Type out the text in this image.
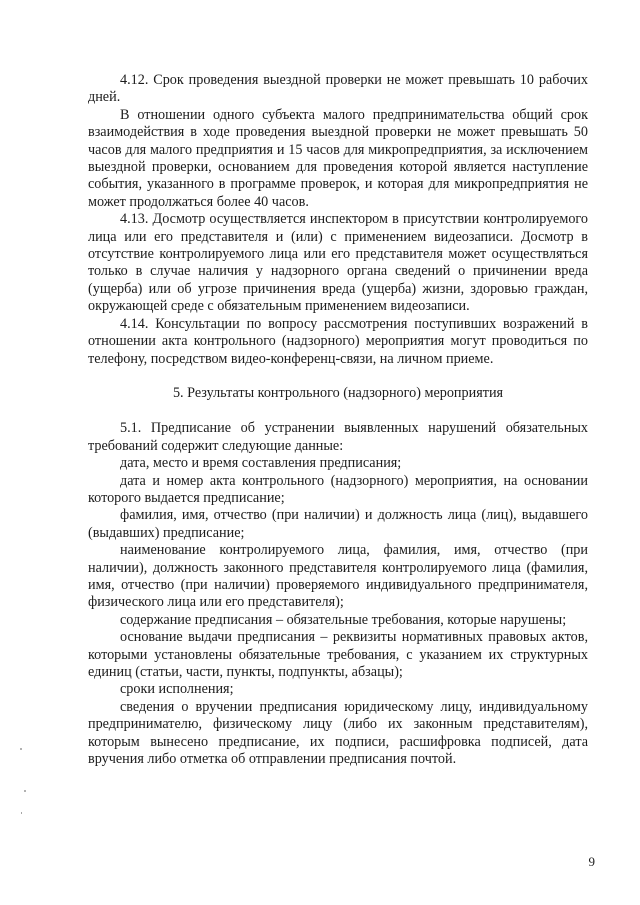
4.12. Срок проведения выездной проверки не может превышать 10 рабочих дней.

В отношении одного субъекта малого предпринимательства общий срок взаимодействия в ходе проведения выездной проверки не может превышать 50 часов для малого предприятия и 15 часов для микропредприятия, за исключением выездной проверки, основанием для проведения которой является наступление события, указанного в программе проверок, и которая для микропредприятия не может продолжаться более 40 часов.

4.13. Досмотр осуществляется инспектором в присутствии контролируемого лица или его представителя и (или) с применением видеозаписи. Досмотр в отсутствие контролируемого лица или его представителя может осуществляться только в случае наличия у надзорного органа сведений о причинении вреда (ущерба) или об угрозе причинения вреда (ущерба) жизни, здоровью граждан, окружающей среде с обязательным применением видеозаписи.

4.14. Консультации по вопросу рассмотрения поступивших возражений в отношении акта контрольного (надзорного) мероприятия могут проводиться по телефону, посредством видео-конференц-связи, на личном приеме.

5. Результаты контрольного (надзорного) мероприятия

5.1. Предписание об устранении выявленных нарушений обязательных требований содержит следующие данные:

дата, место и время составления предписания;

дата и номер акта контрольного (надзорного) мероприятия, на основании которого выдается предписание;

фамилия, имя, отчество (при наличии) и должность лица (лиц), выдавшего (выдавших) предписание;

наименование контролируемого лица, фамилия, имя, отчество (при наличии), должность законного представителя контролируемого лица (фамилия, имя, отчество (при наличии) проверяемого индивидуального предпринимателя, физического лица или его представителя);

содержание предписания – обязательные требования, которые нарушены;

основание выдачи предписания – реквизиты нормативных правовых актов, которыми установлены обязательные требования, с указанием их структурных единиц (статьи, части, пункты, подпункты, абзацы);

сроки исполнения;

сведения о вручении предписания юридическому лицу, индивидуальному предпринимателю, физическому лицу (либо их законным представителям), которым вынесено предписание, их подписи, расшифровка подписей, дата вручения либо отметка об отправлении предписания почтой.

9
